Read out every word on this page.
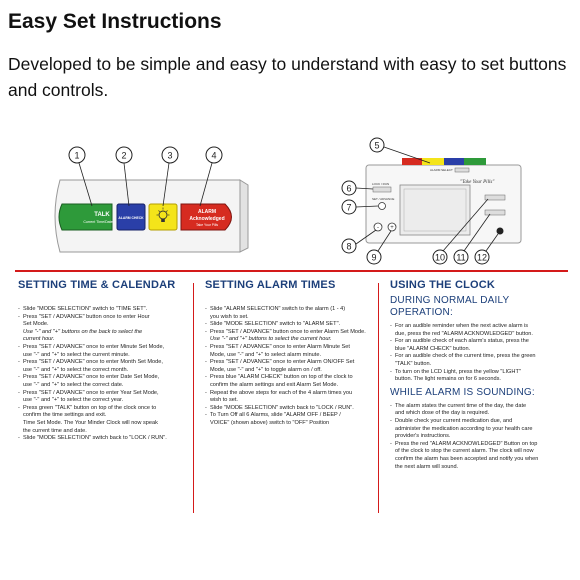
Easy Set Instructions
Developed to be simple and easy to understand with easy to set buttons and controls.
TALK
Current Time/Date
ALARM CHECK
ALARM
Acknowledged
Take Your Pills
1	2	3	4
ALARM SELECT
"Take Your Pills"
LOCK / RUN
SET / ADVANCE
- +
5
6
7
8
9	10 11 12
SETTING TIME & CALENDAR
- Slide "MODE SELECTION" switch to "TIME SET".
- Press "SET / ADVANCE" button once to enter Hour
Set Mode.
Use "-" and "+" buttons on the back to select the
current hour.
- Press "SET / ADVANCE" once to enter Minute Set Mode,
use "-" and "+" to select the current minute.
- Press "SET / ADVANCE" once to enter Month Set Mode,
use "-" and "+" to select the correct month.
- Press "SET / ADVANCE" once to enter Date Set Mode,
use "-" and "+" to select the correct date.
- Press "SET / ADVANCE" once to enter Year Set Mode,
use "-" and "+" to select the correct year.
- Press green "TALK" button on top of the clock once to
confirm the time settings and exit.
Time Set Mode. The Your Minder Clock will now speak
the current time and date.
- Slide "MODE SELECTION" switch back to "LOCK / RUN".
SETTING ALARM TIMES
- Slide "ALARM SELECTION" switch to the alarm (1 - 4)
you wish to set.
- Slide "MODE SELECTION" switch to "ALARM SET".
- Press "SET / ADVANCE" button once to enter Alarm Set Mode.
Use "-" and "+" buttons to select the current hour.
- Press "SET / ADVANCE" once to enter Alarm Minute Set
Mode, use "-" and "+" to select alarm minute.
- Press "SET / ADVANCE" once to enter Alarm ON/OFF Set
Mode, use "-" and "+" to toggle alarm on / off.
- Press blue "ALARM CHECK" button on top of the clock to
confirm the alarm settings and exit Alarm Set Mode.
- Repeat the above steps for each of the 4 alarm times you
wish to set.
- Slide "MODE SELECTION" switch back to "LOCK / RUN".
- To Turn Off all 6 Alarms, slide "ALARM OFF / BEEP /
VOICE" (shown above) switch to "OFF" Position
USING THE CLOCK
DURING NORMAL DAILY OPERATION:
- For an audible reminder when the next active alarm is
due, press the red "ALARM ACKNOWLEDGED" button.
- For an audible check of each alarm's status, press the
blue "ALARM CHECK" button.
- For an audible check of the current time, press the green
"TALK" button.
- To turn on the LCD Light, press the yellow "LIGHT"
button. The light remains on for 6 seconds.
WHILE ALARM IS SOUNDING:
- The alarm states the current time of the day, the date
and which dose of the day is required.
- Double check your current medication due, and
administer the medication according to your health care
provider's instructions.
- Press the red "ALARM ACKNOWLEDGED" Button on top
of the clock to stop the current alarm. The clock will now
confirm the alarm has been accepted and notify you when
the next alarm will sound.
